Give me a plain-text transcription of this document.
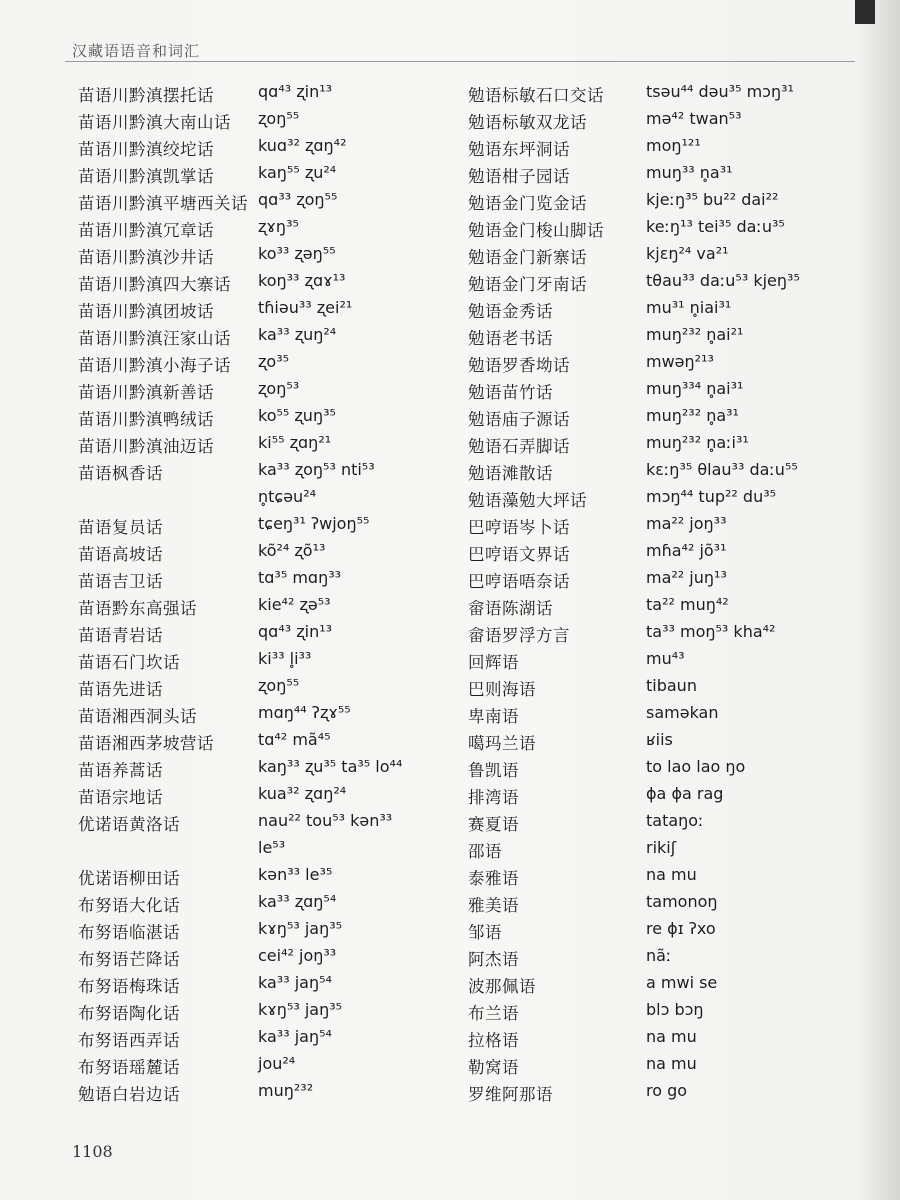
汉藏语语音和词汇
苗语川黔滇摆托话	qɑ⁴³ ʐin¹³
苗语川黔滇大南山话 ʐoŋ⁵⁵
苗语川黔滇绞坨话	kuɑ³² ʐɑŋ⁴²
苗语川黔滇凯掌话	kaŋ⁵⁵ ʐu²⁴
苗语川黔滇平塘西关话 qɑ³³ ʐoŋ⁵⁵
苗语川黔滇冗章话	ʐɤŋ³⁵
苗语川黔滇沙井话	ko³³ ʐəŋ⁵⁵
苗语川黔滇四大寨话 koŋ³³ ʐɑɤ¹³
苗语川黔滇团坡话	tɦiəu³³ ʐei²¹
苗语川黔滇汪家山话 ka³³ ʐuŋ²⁴
苗语川黔滇小海子话 ʐo³⁵
苗语川黔滇新善话	ʐoŋ⁵³
苗语川黔滇鸭绒话	ko⁵⁵ ʐuŋ³⁵
苗语川黔滇油迈话	ki⁵⁵ ʐɑŋ²¹
苗语枫香话	ka³³ ʐoŋ⁵³ nti⁵³
n̥tɕəu²⁴
苗语复员话	tɕeŋ³¹ ʔwjoŋ⁵⁵
苗语高坡话	kõ²⁴ ʐõ¹³
苗语吉卫话	tɑ³⁵ mɑŋ³³
苗语黔东高强话	kie⁴² ʐə⁵³
苗语青岩话	qɑ⁴³ ʐin¹³
苗语石门坎话	ki³³ l̥i³³
苗语先进话	ʐoŋ⁵⁵
苗语湘西洞头话	mɑŋ⁴⁴ ʔʐɤ⁵⁵
苗语湘西茅坡营话	tɑ⁴² mã⁴⁵
苗语养蒿话	kaŋ³³ ʐu³⁵ ta³⁵ lo⁴⁴
苗语宗地话	kua³² ʐɑŋ²⁴
优诺语黄洛话	nau²² tou⁵³ kən³³
le⁵³
优诺语柳田话	kən³³ le³⁵
布努语大化话	ka³³ ʐɑŋ⁵⁴
布努语临湛话	kɤŋ⁵³ jaŋ³⁵
布努语芒降话	cei⁴² joŋ³³
布努语梅珠话	ka³³ jaŋ⁵⁴
布努语陶化话	kɤŋ⁵³ jaŋ³⁵
布努语西弄话	ka³³ jaŋ⁵⁴
布努语瑶麓话	jou²⁴
勉语白岩边话	muŋ²³²
勉语标敏石口交话	tsəu⁴⁴ dəu³⁵ mɔŋ³¹
勉语标敏双龙话	mə⁴² twan⁵³
勉语东坪洞话	moŋ¹²¹
勉语柑子园话	muŋ³³ n̥a³¹
勉语金门览金话	kjeːŋ³⁵ bu²² dai²²
勉语金门梭山脚话	keːŋ¹³ tei³⁵ daːu³⁵
勉语金门新寨话	kjɛŋ²⁴ va²¹
勉语金门牙南话	tθau³³ daːu⁵³ kjeŋ³⁵
勉语金秀话	mu³¹ n̥iai³¹
勉语老书话	muŋ²³² n̥ai²¹
勉语罗香坳话	mwəŋ²¹³
勉语苗竹话	muŋ³³⁴ n̥ai³¹
勉语庙子源话	muŋ²³² n̥a³¹
勉语石弄脚话	muŋ²³² n̥aːi³¹
勉语滩散话	kɛːŋ³⁵ θlau³³ daːu⁵⁵
勉语藻勉大坪话	mɔŋ⁴⁴ tup²² du³⁵
巴哼语岑卜话	ma²² joŋ³³
巴哼语文界话	mɦa⁴² jõ³¹
巴哼语唔奈话	ma²² juŋ¹³
畲语陈湖话	ta²² muŋ⁴²
畲语罗浮方言	ta³³ moŋ⁵³ kha⁴²
回辉语	mu⁴³
巴则海语	tibaun
卑南语	saməkan
噶玛兰语	ʁiis
鲁凯语	to lao lao ŋo
排湾语	ɸa ɸa rag
赛夏语	tataŋoː
邵语	rikiʃ
泰雅语	na mu
雅美语	tamonoŋ
邹语	re ɸɪ ʔxo
阿杰语	nãː
波那佩语	a mwi se
布兰语	blɔ bɔŋ
拉格语	na mu
勒窝语	na mu
罗维阿那语	ro go
1108
